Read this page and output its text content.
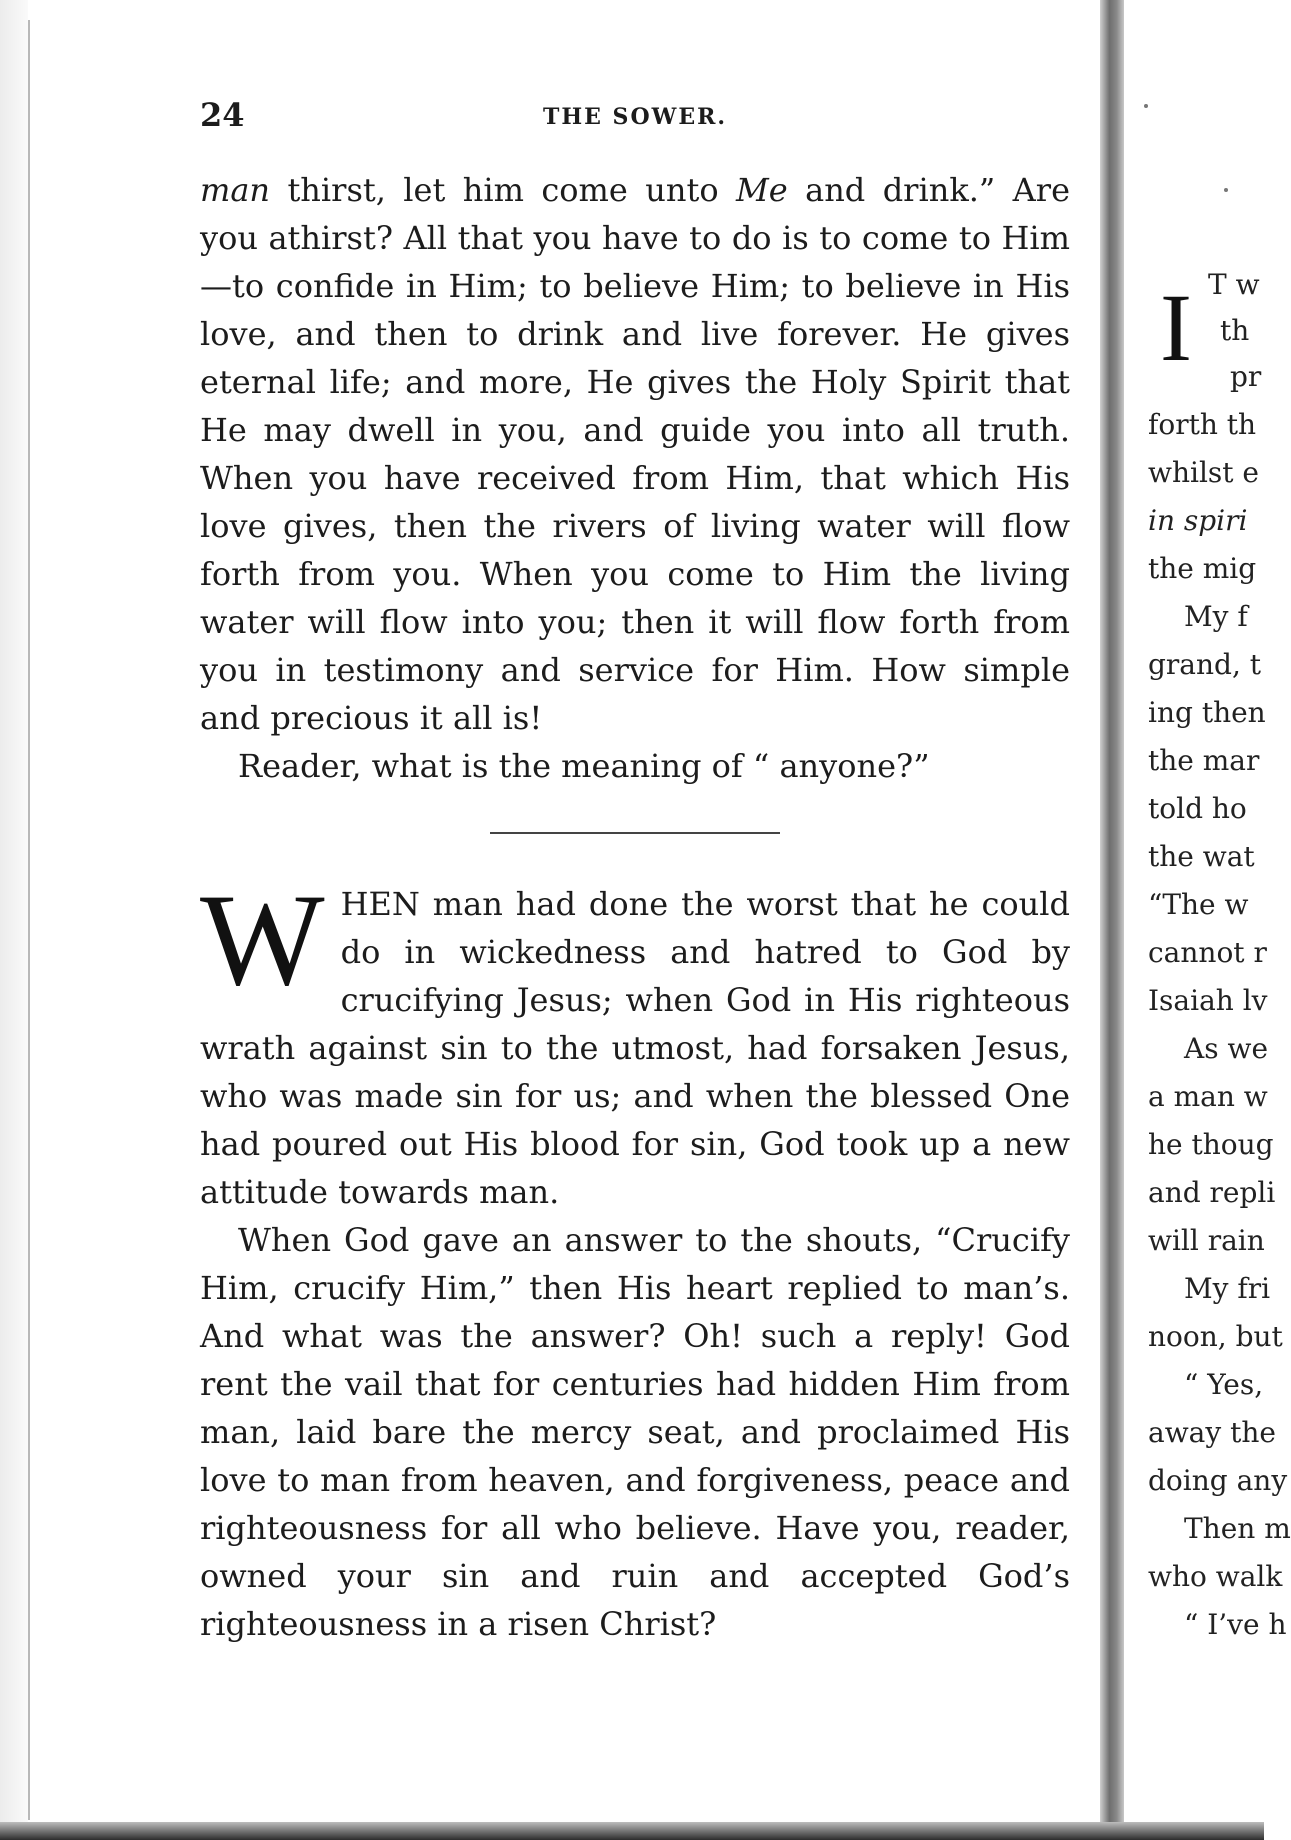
24	THE SOWER.

man thirst, let him come unto Me and drink.” Are you athirst? All that you have to do is to come to Him—to confide in Him; to believe Him; to believe in His love, and then to drink and live forever. He gives eternal life; and more, He gives the Holy Spirit that He may dwell in you, and guide you into all truth. When you have received from Him, that which His love gives, then the rivers of living water will flow forth from you. When you come to Him the living water will flow into you; then it will flow forth from you in testimony and service for Him. How simple and precious it all is!

Reader, what is the meaning of “ anyone?”

WHEN man had done the worst that he could do in wickedness and hatred to God by crucifying Jesus; when God in His righteous wrath against sin to the utmost, had forsaken Jesus, who was made sin for us; and when the blessed One had poured out His blood for sin, God took up a new attitude towards man.

When God gave an answer to the shouts, “Crucify Him, crucify Him,” then His heart replied to man’s. And what was the answer? Oh! such a reply! God rent the vail that for centuries had hidden Him from man, laid bare the mercy seat, and proclaimed His love to man from heaven, and forgiveness, peace and righteousness for all who believe. Have you, reader, owned your sin and ruin and accepted God’s righteousness in a risen Christ?

I T w
th
pr
forth th
whilst e
in spiri
the mig
My f
grand, t
ing then
the mar
told ho
the wat
“The w
cannot r
Isaiah lv
As we
a man w
he thoug
and repli
will rain
My fri
noon, but
“ Yes,
away the
doing any
Then m
who walk
“ I’ve h
